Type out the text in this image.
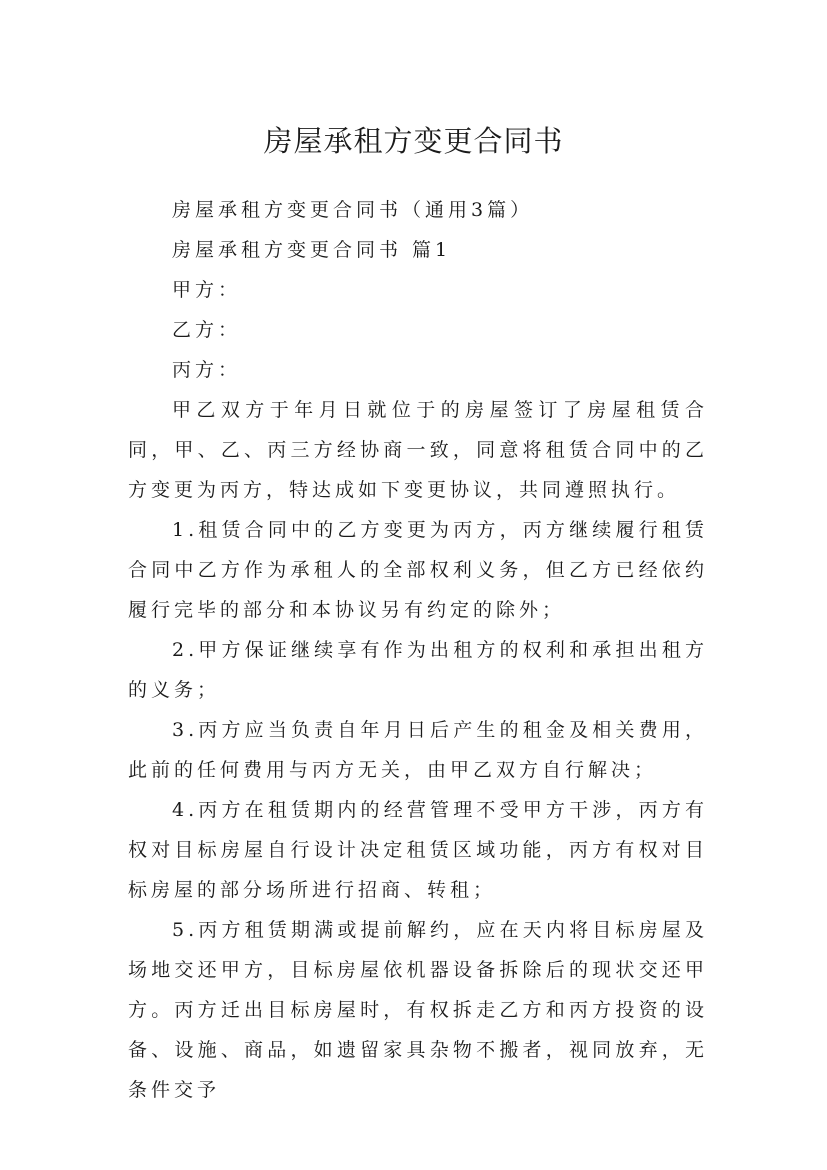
房屋承租方变更合同书

房屋承租方变更合同书（通用3篇）

房屋承租方变更合同书 篇1

甲方：

乙方：

丙方：

甲乙双方于年月日就位于的房屋签订了房屋租赁合同，甲、乙、丙三方经协商一致，同意将租赁合同中的乙方变更为丙方，特达成如下变更协议，共同遵照执行。

1.租赁合同中的乙方变更为丙方，丙方继续履行租赁合同中乙方作为承租人的全部权利义务，但乙方已经依约履行完毕的部分和本协议另有约定的除外；

2.甲方保证继续享有作为出租方的权利和承担出租方的义务；

3.丙方应当负责自年月日后产生的租金及相关费用，此前的任何费用与丙方无关，由甲乙双方自行解决；

4.丙方在租赁期内的经营管理不受甲方干涉，丙方有权对目标房屋自行设计决定租赁区域功能，丙方有权对目标房屋的部分场所进行招商、转租；

5.丙方租赁期满或提前解约，应在天内将目标房屋及场地交还甲方，目标房屋依机器设备拆除后的现状交还甲方。丙方迁出目标房屋时，有权拆走乙方和丙方投资的设备、设施、商品，如遗留家具杂物不搬者，视同放弃，无条件交予
